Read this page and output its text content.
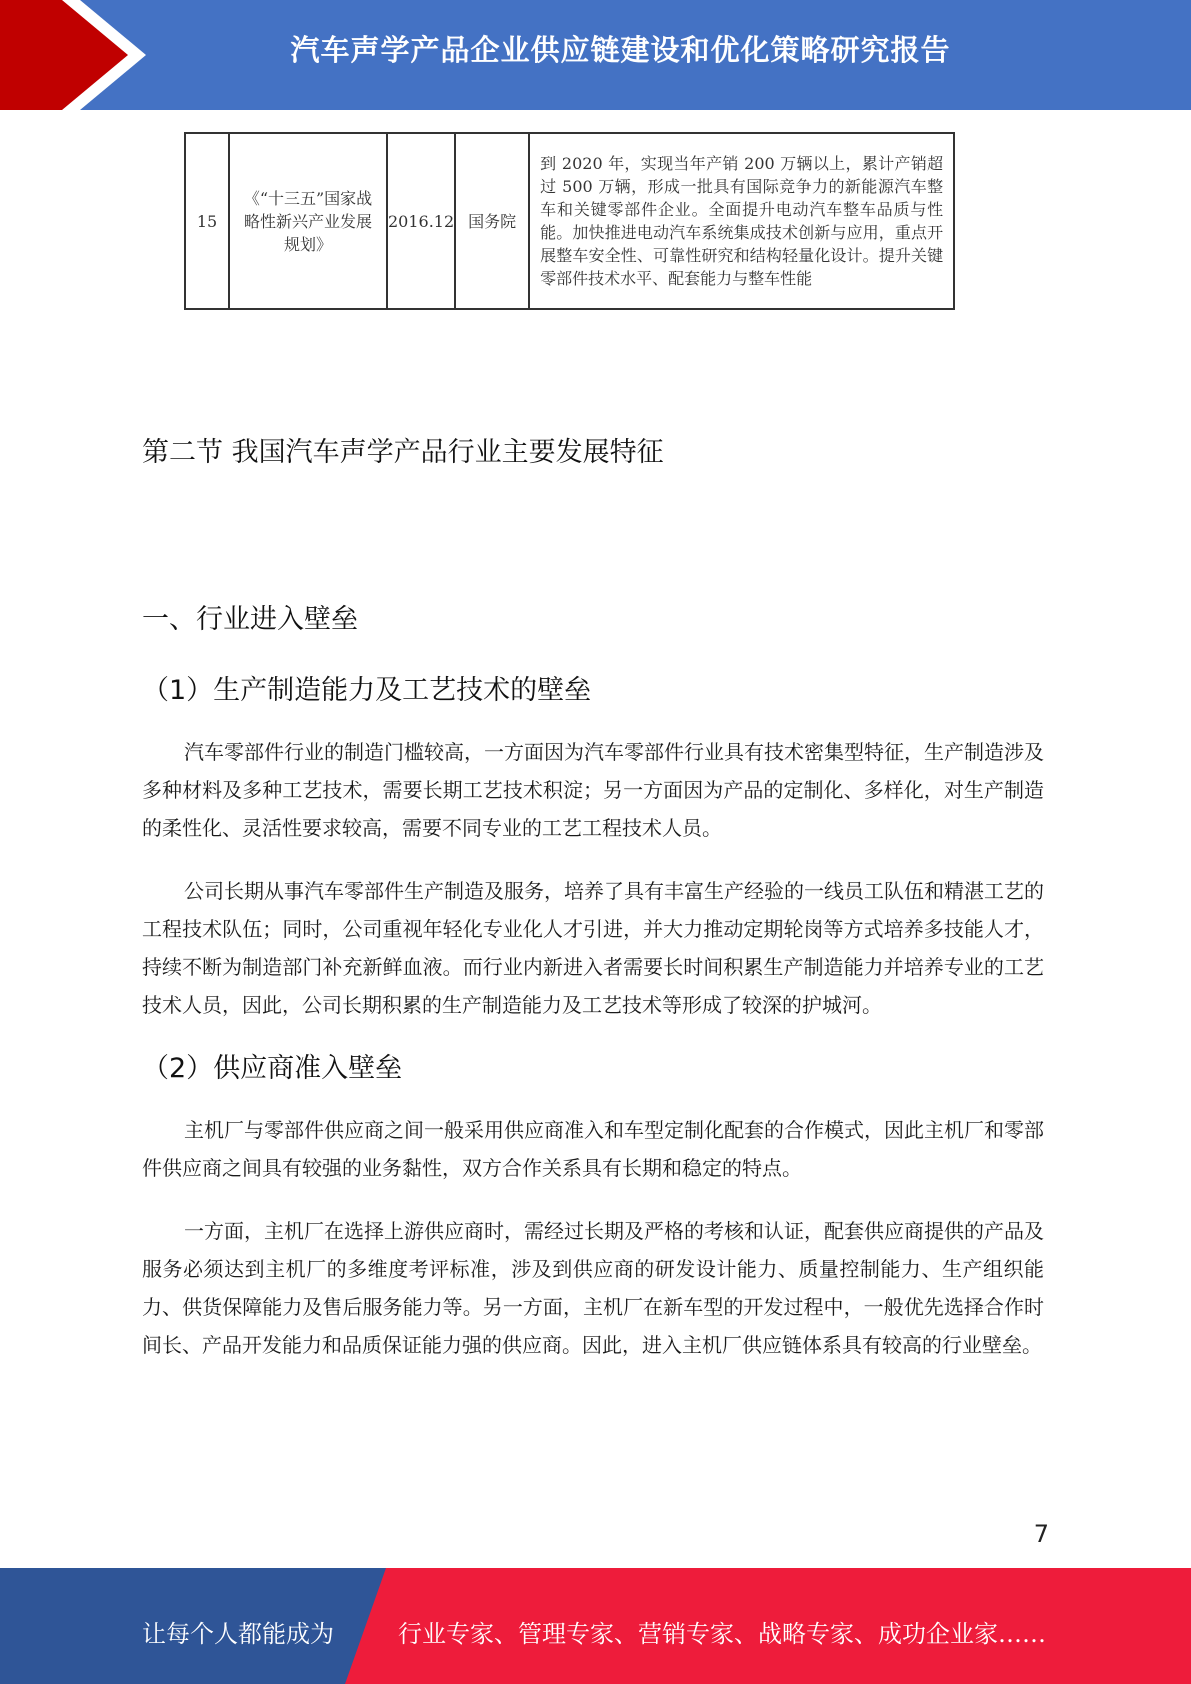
汽车声学产品企业供应链建设和优化策略研究报告
15	《“十三五”国家战略性新兴产业发展规划》	2016.12	国务院	到 2020 年，实现当年产销 200 万辆以上，累计产销超过 500 万辆，形成一批具有国际竞争力的新能源汽车整车和关键零部件企业。全面提升电动汽车整车品质与性能。加快推进电动汽车系统集成技术创新与应用，重点开展整车安全性、可靠性研究和结构轻量化设计。提升关键零部件技术水平、配套能力与整车性能
第二节 我国汽车声学产品行业主要发展特征
一、行业进入壁垒
（1）生产制造能力及工艺技术的壁垒

汽车零部件行业的制造门槛较高，一方面因为汽车零部件行业具有技术密集型特征，生产制造涉及多种材料及多种工艺技术，需要长期工艺技术积淀；另一方面因为产品的定制化、多样化，对生产制造的柔性化、灵活性要求较高，需要不同专业的工艺工程技术人员。

公司长期从事汽车零部件生产制造及服务，培养了具有丰富生产经验的一线员工队伍和精湛工艺的工程技术队伍；同时，公司重视年轻化专业化人才引进，并大力推动定期轮岗等方式培养多技能人才，持续不断为制造部门补充新鲜血液。而行业内新进入者需要长时间积累生产制造能力并培养专业的工艺技术人员，因此，公司长期积累的生产制造能力及工艺技术等形成了较深的护城河。

（2）供应商准入壁垒

主机厂与零部件供应商之间一般采用供应商准入和车型定制化配套的合作模式，因此主机厂和零部件供应商之间具有较强的业务黏性，双方合作关系具有长期和稳定的特点。

一方面，主机厂在选择上游供应商时，需经过长期及严格的考核和认证，配套供应商提供的产品及服务必须达到主机厂的多维度考评标准，涉及到供应商的研发设计能力、质量控制能力、生产组织能力、供货保障能力及售后服务能力等。另一方面，主机厂在新车型的开发过程中，一般优先选择合作时间长、产品开发能力和品质保证能力强的供应商。因此，进入主机厂供应链体系具有较高的行业壁垒。

7
让每个人都能成为	行业专家、管理专家、营销专家、战略专家、成功企业家……
